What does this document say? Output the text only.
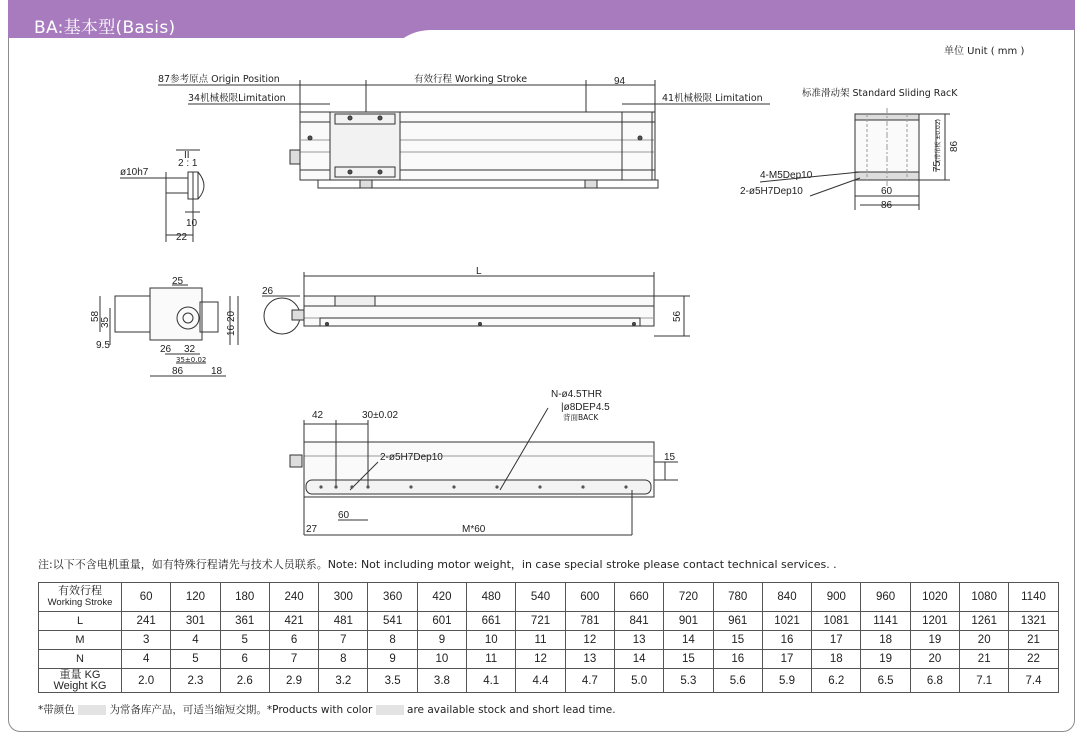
BA:基本型(Basis)
单位 Unit ( mm )
87参考原点 Origin Position
34机械极限Limitation
有效行程 Working Stroke	94
41机械极限 Limitation
ø10h7
II
2 : 1
10
22
标准滑动架 Standard Sliding RacK
4-M5Dep10
2-ø5H7Dep10	60
86
86
75
(带吊板 ±0.02)
L
26
56
25
58
35
9.5
16
20
26 32
35±0.02
86	18
N-ø4.5THR
|ø8DEP4.5
背面BACK
42	30±0.02
2-ø5H7Dep10	15
27
60
M*60
注:以下不含电机重量，如有特殊行程请先与技术人员联系。Note: Not including motor weight，in case special stroke please contact technical services. .
有效行程
Working Stroke	60	120	180	240	300	360	420	480	540	600	660	720	780	840	900	960	1020	1080	1140
L	241	301	361	421	481	541	601	661	721	781	841	901	961	1021	1081	1141	1201	1261	1321
M	3	4	5	6	7	8	9	10	11	12	13	14	15	16	17	18	19	20	21
N	4	5	6	7	8	9	10	11	12	13	14	15	16	17	18	19	20	21	22

重量 KG
Weight KG	2.0	2.3	2.6	2.9	3.2	3.5	3.8	4.1	4.4	4.7	5.0	5.3	5.6	5.9	6.2	6.5	6.8	7.1	7.4
*带颜色	为常备库产品，可适当缩短交期。*Products with color	are available stock and short lead time.
